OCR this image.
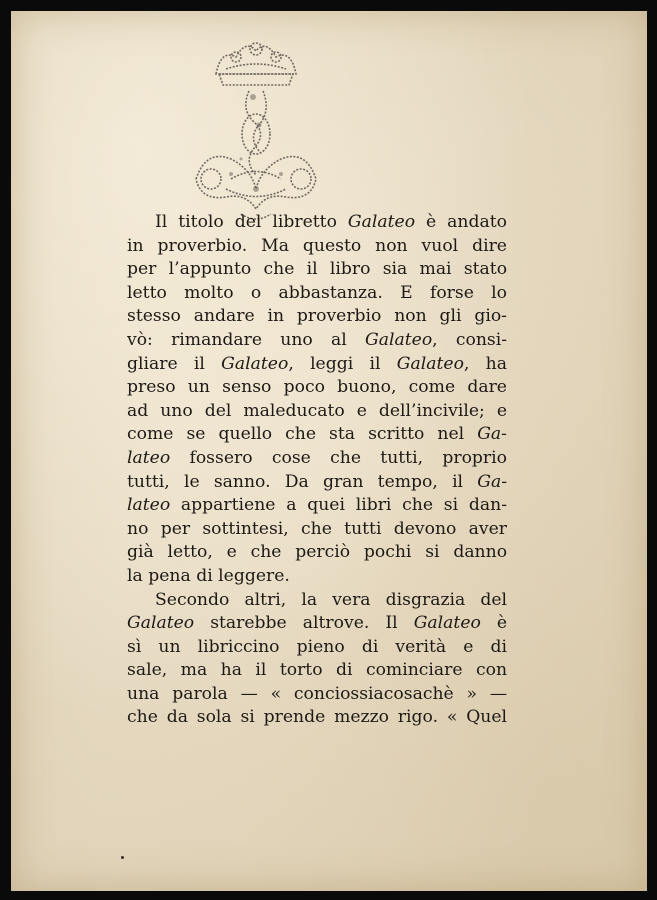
Il titolo del libretto Galateo è andato
in proverbio. Ma questo non vuol dire
per l’appunto che il libro sia mai stato
letto molto o abbastanza. E forse lo
stesso andare in proverbio non gli gio-
vò: rimandare uno al Galateo, consi-
gliare il Galateo, leggi il Galateo, ha
preso un senso poco buono, come dare
ad uno del maleducato e dell’incivile; e
come se quello che sta scritto nel Ga-
lateo fossero cose che tutti, proprio
tutti, le sanno. Da gran tempo, il Ga-
lateo appartiene a quei libri che si dan-
no per sottintesi, che tutti devono aver
già letto, e che perciò pochi si danno
la pena di leggere.
Secondo altri, la vera disgrazia del
Galateo starebbe altrove. Il Galateo è
sì un libriccino pieno di verità e di
sale, ma ha il torto di cominciare con
una parola — « conciossiacosachè » —
che da sola si prende mezzo rigo. « Quel
